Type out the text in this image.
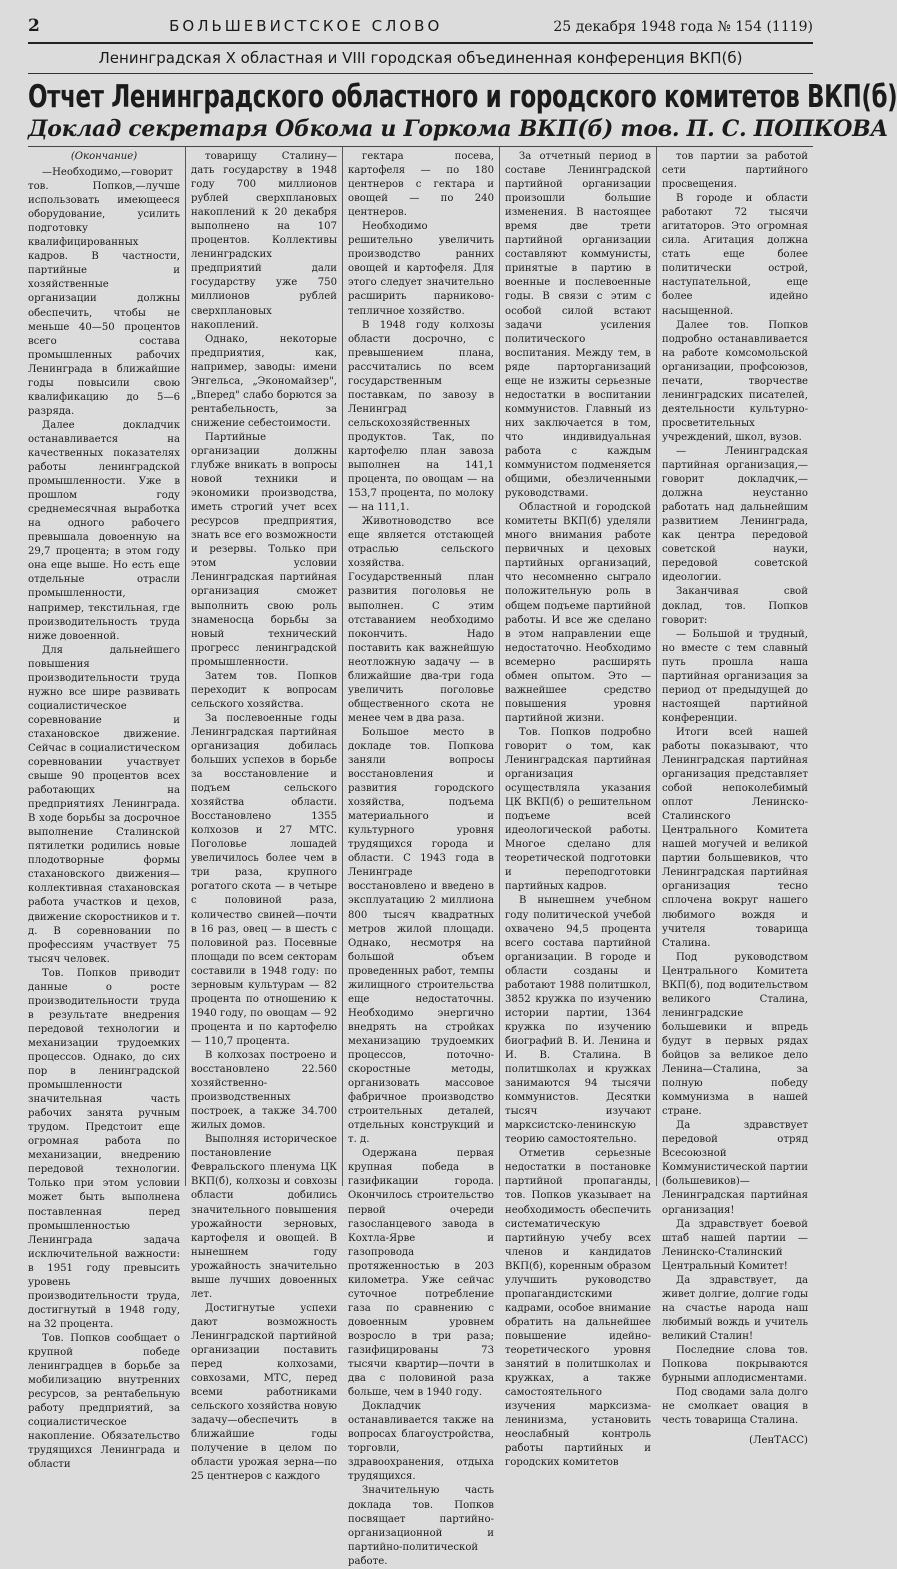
2	БОЛЬШЕВИСТСКОЕ СЛОВО	25 декабря 1948 года № 154 (1119)
Ленинградская X областная и VIII городская объединенная конференция ВКП(б)
Отчет Ленинградского областного и городского комитетов ВКП(б)
Доклад секретаря Обкома и Горкома ВКП(б) тов. П. С. ПОПКОВА
(Окончание)

—Необходимо,—говорит тов. Попков,—лучше использовать имеющееся оборудование, усилить подготовку квалифицированных кадров. В частности, партийные и хозяйственные организации должны обеспечить, чтобы не меньше 40—50 процентов всего состава промышленных рабочих Ленинграда в ближайшие годы повысили свою квалификацию до 5—6 разряда.

Далее докладчик останавливается на качественных показателях работы ленинградской промышленности. Уже в прошлом году среднемесячная выработка на одного рабочего превышала довоенную на 29,7 процента; в этом году она еще выше. Но есть еще отдельные отрасли промышленности, например, текстильная, где производительность труда ниже довоенной.

Для дальнейшего повышения производительности труда нужно все шире развивать социалистическое соревнование и стахановское движение. Сейчас в социалистическом соревновании участвует свыше 90 процентов всех работающих на предприятиях Ленинграда. В ходе борьбы за досрочное выполнение Сталинской пятилетки родились новые плодотворные формы стахановского движения—коллективная стахановская работа участков и цехов, движение скоростников и т. д. В соревновании по профессиям участвует 75 тысяч человек.

Тов. Попков приводит данные о росте производительности труда в результате внедрения передовой технологии и механизации трудоемких процессов. Однако, до сих пор в ленинградской промышленности значительная часть рабочих занята ручным трудом. Предстоит еще огромная работа по механизации, внедрению передовой технологии. Только при этом условии может быть выполнена поставленная перед промышленностью Ленинграда задача исключительной важности: в 1951 году превысить уровень производительности труда, достигнутый в 1948 году, на 32 процента.

Тов. Попков сообщает о крупной победе ленинградцев в борьбе за мобилизацию внутренних ресурсов, за рентабельную работу предприятий, за социалистическое накопление. Обязательство трудящихся Ленинграда и области

товарищу Сталину—дать государству в 1948 году 700 миллионов рублей сверхплановых накоплений к 20 декабря выполнено на 107 процентов. Коллективы ленинградских предприятий дали государству уже 750 миллионов рублей сверхплановых накоплений.

Однако, некоторые предприятия, как, например, заводы: имени Энгельса, „Экономайзер", „Вперед" слабо борются за рентабельность, за снижение себестоимости.

Партийные организации должны глубже вникать в вопросы новой техники и экономики производства, иметь строгий учет всех ресурсов предприятия, знать все его возможности и резервы. Только при этом условии Ленинградская партийная организация сможет выполнить свою роль знаменосца борьбы за новый технический прогресс ленинградской промышленности.

Затем тов. Попков переходит к вопросам сельского хозяйства.

За послевоенные годы Ленинградская партийная организация добилась больших успехов в борьбе за восстановление и подъем сельского хозяйства области. Восстановлено 1355 колхозов и 27 МТС. Поголовье лошадей увеличилось более чем в три раза, крупного рогатого скота — в четыре с половиной раза, количество свиней—почти в 16 раз, овец — в шесть с половиной раз. Посевные площади по всем секторам составили в 1948 году: по зерновым культурам — 82 процента по отношению к 1940 году, по овощам — 92 процента и по картофелю — 110,7 процента.

В колхозах построено и восстановлено 22.560 хозяйственно-производственных построек, а также 34.700 жилых домов.

Выполняя историческое постановление Февральского пленума ЦК ВКП(б), колхозы и совхозы области добились значительного повышения урожайности зерновых, картофеля и овощей. В нынешнем году урожайность значительно выше лучших довоенных лет.

Достигнутые успехи дают возможность Ленинградской партийной организации поставить перед колхозами, совхозами, МТС, перед всеми работниками сельского хозяйства новую задачу—обеспечить в ближайшие годы получение в целом по области урожая зерна—по 25 центнеров с каждого

гектара посева, картофеля — по 180 центнеров с гектара и овощей — по 240 центнеров.

Необходимо решительно увеличить производство ранних овощей и картофеля. Для этого следует значительно расширить парниково-тепличное хозяйство.

В 1948 году колхозы области досрочно, с превышением плана, рассчитались по всем государственным поставкам, по завозу в Ленинград сельскохозяйственных продуктов. Так, по картофелю план завоза выполнен на 141,1 процента, по овощам — на 153,7 процента, по молоку — на 111,1.

Животноводство все еще является отстающей отраслью сельского хозяйства. Государственный план развития поголовья не выполнен. С этим отставанием необходимо покончить. Надо поставить как важнейшую неотложную задачу — в ближайшие два-три года увеличить поголовье общественного скота не менее чем в два раза.

Большое место в докладе тов. Попкова заняли вопросы восстановления и развития городского хозяйства, подъема материального и культурного уровня трудящихся города и области. С 1943 года в Ленинграде восстановлено и введено в эксплуатацию 2 миллиона 800 тысяч квадратных метров жилой площади. Однако, несмотря на большой объем проведенных работ, темпы жилищного строительства еще недостаточны. Необходимо энергично внедрять на стройках механизацию трудоемких процессов, поточно-скоростные методы, организовать массовое фабричное производство строительных деталей, отдельных конструкций и т. д.

Одержана первая крупная победа в газификации города. Окончилось строительство первой очереди газосланцевого завода в Кохтла-Ярве и газопровода протяженностью в 203 километра. Уже сейчас суточное потребление газа по сравнению с довоенным уровнем возросло в три раза; газифицированы 73 тысячи квартир—почти в два с половиной раза больше, чем в 1940 году.

Докладчик останавливается также на вопросах благоустройства, торговли, здравоохранения, отдыха трудящихся.

Значительную часть доклада тов. Попков посвящает партийно-организационной и партийно-политической работе.

За отчетный период в составе Ленинградской партийной организации произошли большие изменения. В настоящее время две трети партийной организации составляют коммунисты, принятые в партию в военные и послевоенные годы. В связи с этим с особой силой встают задачи усиления политического воспитания. Между тем, в ряде парторганизаций еще не изжиты серьезные недостатки в воспитании коммунистов. Главный из них заключается в том, что индивидуальная работа с каждым коммунистом подменяется общими, обезличенными руководствами.

Областной и городской комитеты ВКП(б) уделяли много внимания работе первичных и цеховых партийных организаций, что несомненно сыграло положительную роль в общем подъеме партийной работы. И все же сделано в этом направлении еще недостаточно. Необходимо всемерно расширять обмен опытом. Это — важнейшее средство повышения уровня партийной жизни.

Тов. Попков подробно говорит о том, как Ленинградская партийная организация осуществляла указания ЦК ВКП(б) о решительном подъеме всей идеологической работы. Многое сделано для теоретической подготовки и переподготовки партийных кадров.

В нынешнем учебном году политической учебой охвачено 94,5 процента всего состава партийной организации. В городе и области созданы и работают 1988 политшкол, 3852 кружка по изучению истории партии, 1364 кружка по изучению биографий В. И. Ленина и И. В. Сталина. В политшколах и кружках занимаются 94 тысячи коммунистов. Десятки тысяч изучают марксистско-ленинскую теорию самостоятельно.

Отметив серьезные недостатки в постановке партийной пропаганды, тов. Попков указывает на необходимость обеспечить систематическую партийную учебу всех членов и кандидатов ВКП(б), коренным образом улучшить руководство пропагандистскими кадрами, особое внимание обратить на дальнейшее повышение идейно-теоретического уровня занятий в политшколах и кружках, а также самостоятельного изучения марксизма-ленинизма, установить неослабный контроль работы партийных и городских комитетов

тов партии за работой сети партийного просвещения.

В городе и области работают 72 тысячи агитаторов. Это огромная сила. Агитация должна стать еще более политически острой, наступательной, еще более идейно насыщенной.

Далее тов. Попков подробно останавливается на работе комсомольской организации, профсоюзов, печати, творчестве ленинградских писателей, деятельности культурно-просветительных учреждений, школ, вузов.

— Ленинградская партийная организация,—говорит докладчик,—должна неустанно работать над дальнейшим развитием Ленинграда, как центра передовой советской науки, передовой советской идеологии.

Заканчивая свой доклад, тов. Попков говорит:

— Большой и трудный, но вместе с тем славный путь прошла наша партийная организация за период от предыдущей до настоящей партийной конференции.

Итоги всей нашей работы показывают, что Ленинградская партийная организация представляет собой непоколебимый оплот Ленинско-Сталинского Центрального Комитета нашей могучей и великой партии большевиков, что Ленинградская партийная организация тесно сплочена вокруг нашего любимого вождя и учителя товарища Сталина.

Под руководством Центрального Комитета ВКП(б), под водительством великого Сталина, ленинградские большевики и впредь будут в первых рядах бойцов за великое дело Ленина—Сталина, за полную победу коммунизма в нашей стране.

Да здравствует передовой отряд Всесоюзной Коммунистической партии (большевиков)—Ленинградская партийная организация!

Да здравствует боевой штаб нашей партии — Ленинско-Сталинский Центральный Комитет!

Да здравствует, да живет долгие, долгие годы на счастье народа наш любимый вождь и учитель великий Сталин!

Последние слова тов. Попкова покрываются бурными аплодисментами.

Под сводами зала долго не смолкает овация в честь товарища Сталина.

(ЛенТАСС)
